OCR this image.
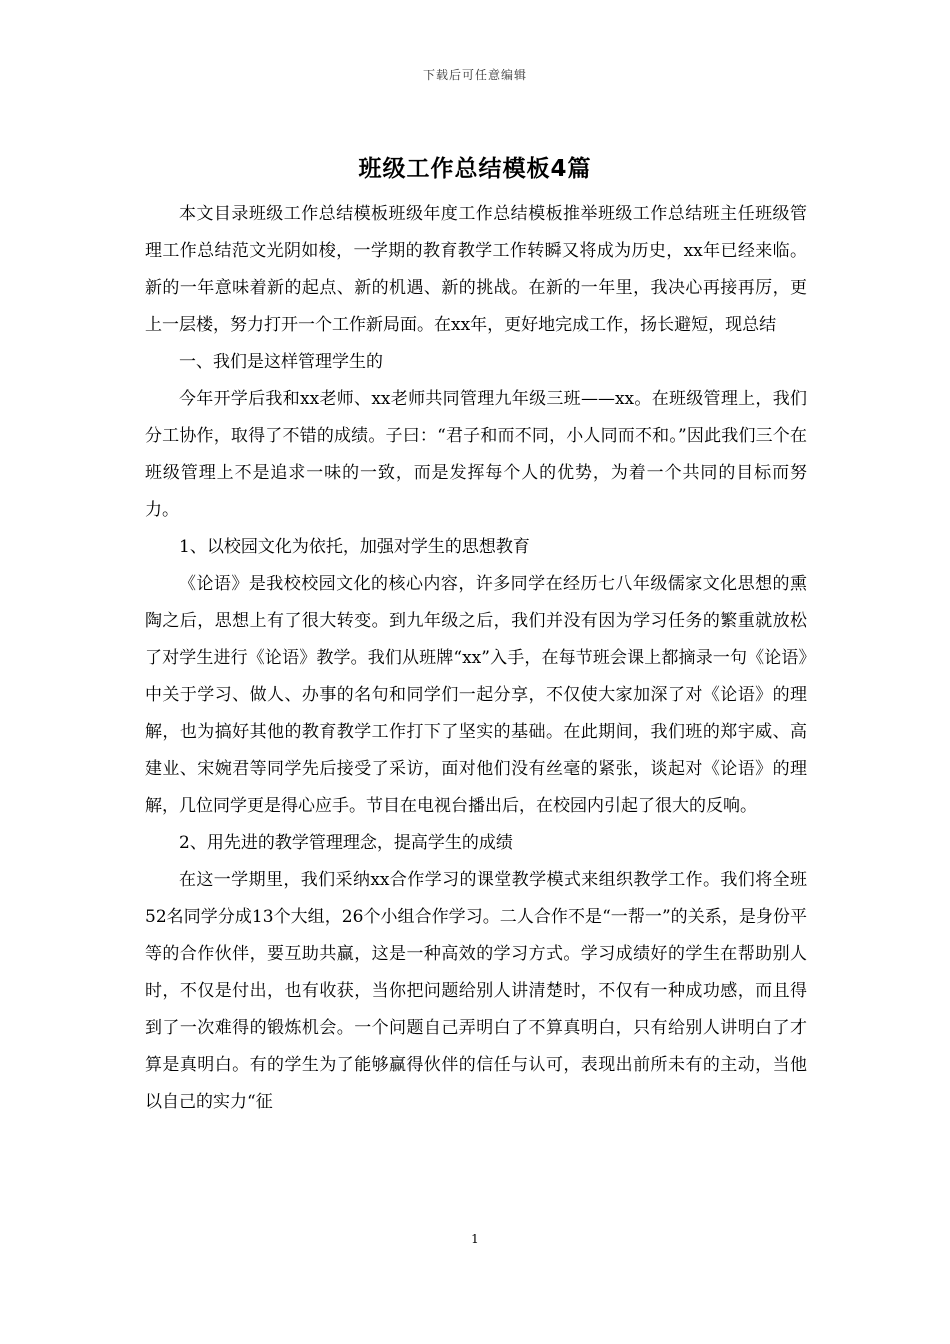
下载后可任意编辑
班级工作总结模板4篇

本文目录班级工作总结模板班级年度工作总结模板推举班级工作总结班主任班级管理工作总结范文光阴如梭，一学期的教育教学工作转瞬又将成为历史，xx年已经来临。新的一年意味着新的起点、新的机遇、新的挑战。在新的一年里，我决心再接再厉，更上一层楼，努力打开一个工作新局面。在xx年，更好地完成工作，扬长避短，现总结

一、我们是这样管理学生的

今年开学后我和xx老师、xx老师共同管理九年级三班——xx。在班级管理上，我们分工协作，取得了不错的成绩。子曰：“君子和而不同，小人同而不和。”因此我们三个在班级管理上不是追求一味的一致，而是发挥每个人的优势，为着一个共同的目标而努力。

1、以校园文化为依托，加强对学生的思想教育

《论语》是我校校园文化的核心内容，许多同学在经历七八年级儒家文化思想的熏陶之后，思想上有了很大转变。到九年级之后，我们并没有因为学习任务的繁重就放松了对学生进行《论语》教学。我们从班牌“xx”入手，在每节班会课上都摘录一句《论语》中关于学习、做人、办事的名句和同学们一起分享，不仅使大家加深了对《论语》的理解，也为搞好其他的教育教学工作打下了坚实的基础。在此期间，我们班的郑宇威、高建业、宋婉君等同学先后接受了采访，面对他们没有丝毫的紧张，谈起对《论语》的理解，几位同学更是得心应手。节目在电视台播出后，在校园内引起了很大的反响。

2、用先进的教学管理理念，提高学生的成绩

在这一学期里，我们采纳xx合作学习的课堂教学模式来组织教学工作。我们将全班52名同学分成13个大组，26个小组合作学习。二人合作不是“一帮一”的关系，是身份平等的合作伙伴，要互助共赢，这是一种高效的学习方式。学习成绩好的学生在帮助别人时，不仅是付出，也有收获，当你把问题给别人讲清楚时，不仅有一种成功感，而且得到了一次难得的锻炼机会。一个问题自己弄明白了不算真明白，只有给别人讲明白了才算是真明白。有的学生为了能够赢得伙伴的信任与认可，表现出前所未有的主动，当他以自己的实力“征

1
